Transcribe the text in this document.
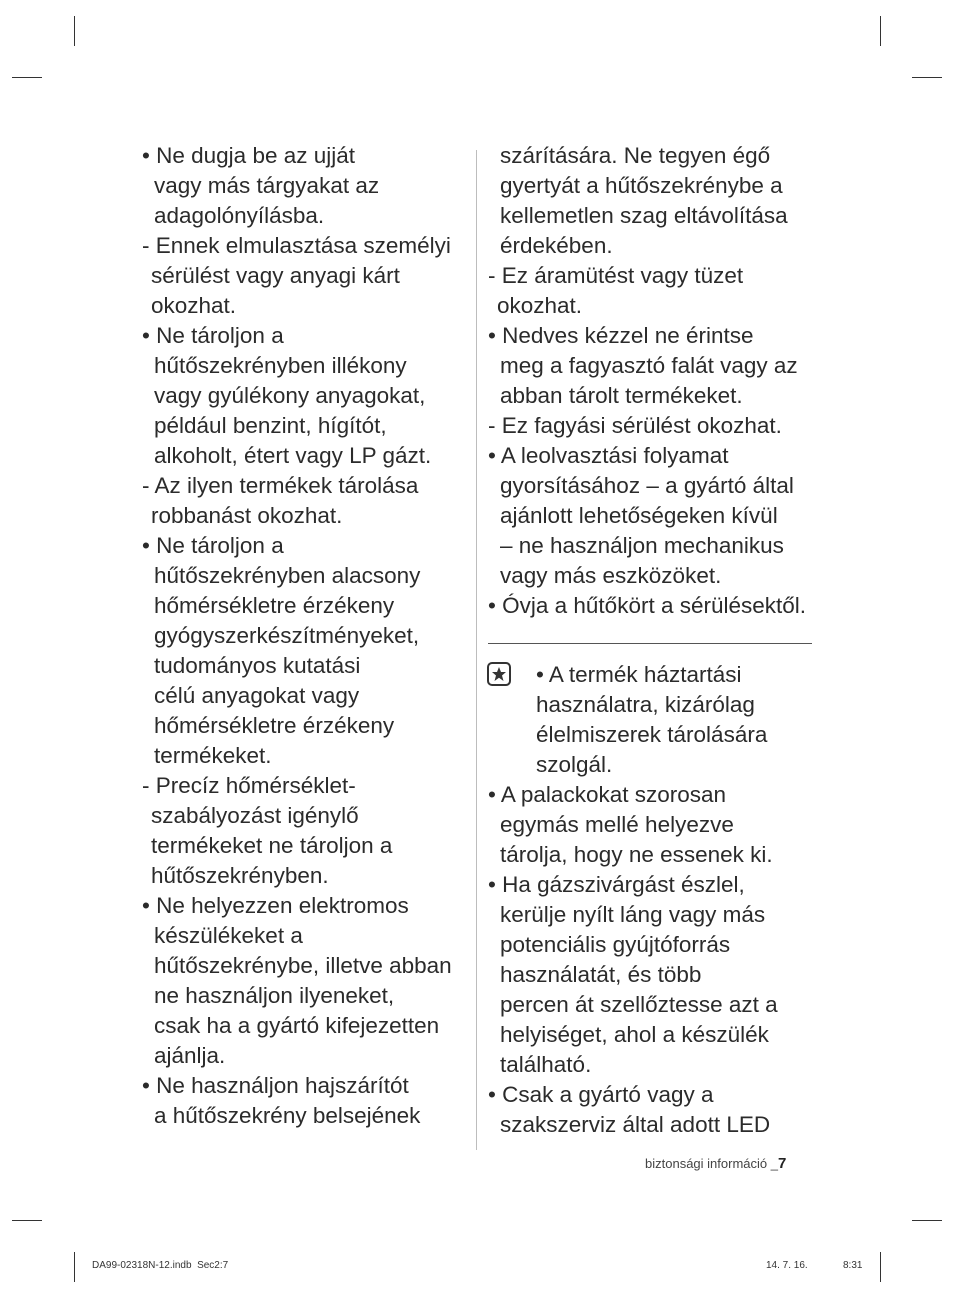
• Ne dugja be az ujját
vagy más tárgyakat az
adagolónyílásba.
- Ennek elmulasztása személyi
sérülést vagy anyagi kárt
okozhat.
• Ne tároljon a
hűtőszekrényben illékony
vagy gyúlékony anyagokat,
például benzint, hígítót,
alkoholt, étert vagy LP gázt.
- Az ilyen termékek tárolása
robbanást okozhat.
• Ne tároljon a
hűtőszekrényben alacsony
hőmérsékletre érzékeny
gyógyszerkészítményeket,
tudományos kutatási
célú anyagokat vagy
hőmérsékletre érzékeny
termékeket.
- Precíz hőmérséklet-
szabályozást igénylő
termékeket ne tároljon a
hűtőszekrényben.
• Ne helyezzen elektromos
készülékeket a
hűtőszekrénybe, illetve abban
ne használjon ilyeneket,
csak ha a gyártó kifejezetten
ajánlja.
• Ne használjon hajszárítót
a hűtőszekrény belsejének
szárítására. Ne tegyen égő
gyertyát a hűtőszekrénybe a
kellemetlen szag eltávolítása
érdekében.
- Ez áramütést vagy tüzet
okozhat.
• Nedves kézzel ne érintse
meg a fagyasztó falát vagy az
abban tárolt termékeket.
- Ez fagyási sérülést okozhat.
• A leolvasztási folyamat
gyorsításához – a gyártó által
ajánlott lehetőségeken kívül
– ne használjon mechanikus
vagy más eszközöket.
• Óvja a hűtőkört a sérülésektől.
• A termék háztartási
használatra, kizárólag
élelmiszerek tárolására
szolgál.
• A palackokat szorosan
egymás mellé helyezve
tárolja, hogy ne essenek ki.
• Ha gázszivárgást észlel,
kerülje nyílt láng vagy más
potenciális gyújtóforrás
használatát, és több
percen át szellőztesse azt a
helyiséget, ahol a készülék
található.
• Csak a gyártó vagy a
szakszerviz által adott LED
biztonsági információ _7
DA99-02318N-12.indb Sec2:7	14. 7. 16.	8:31
